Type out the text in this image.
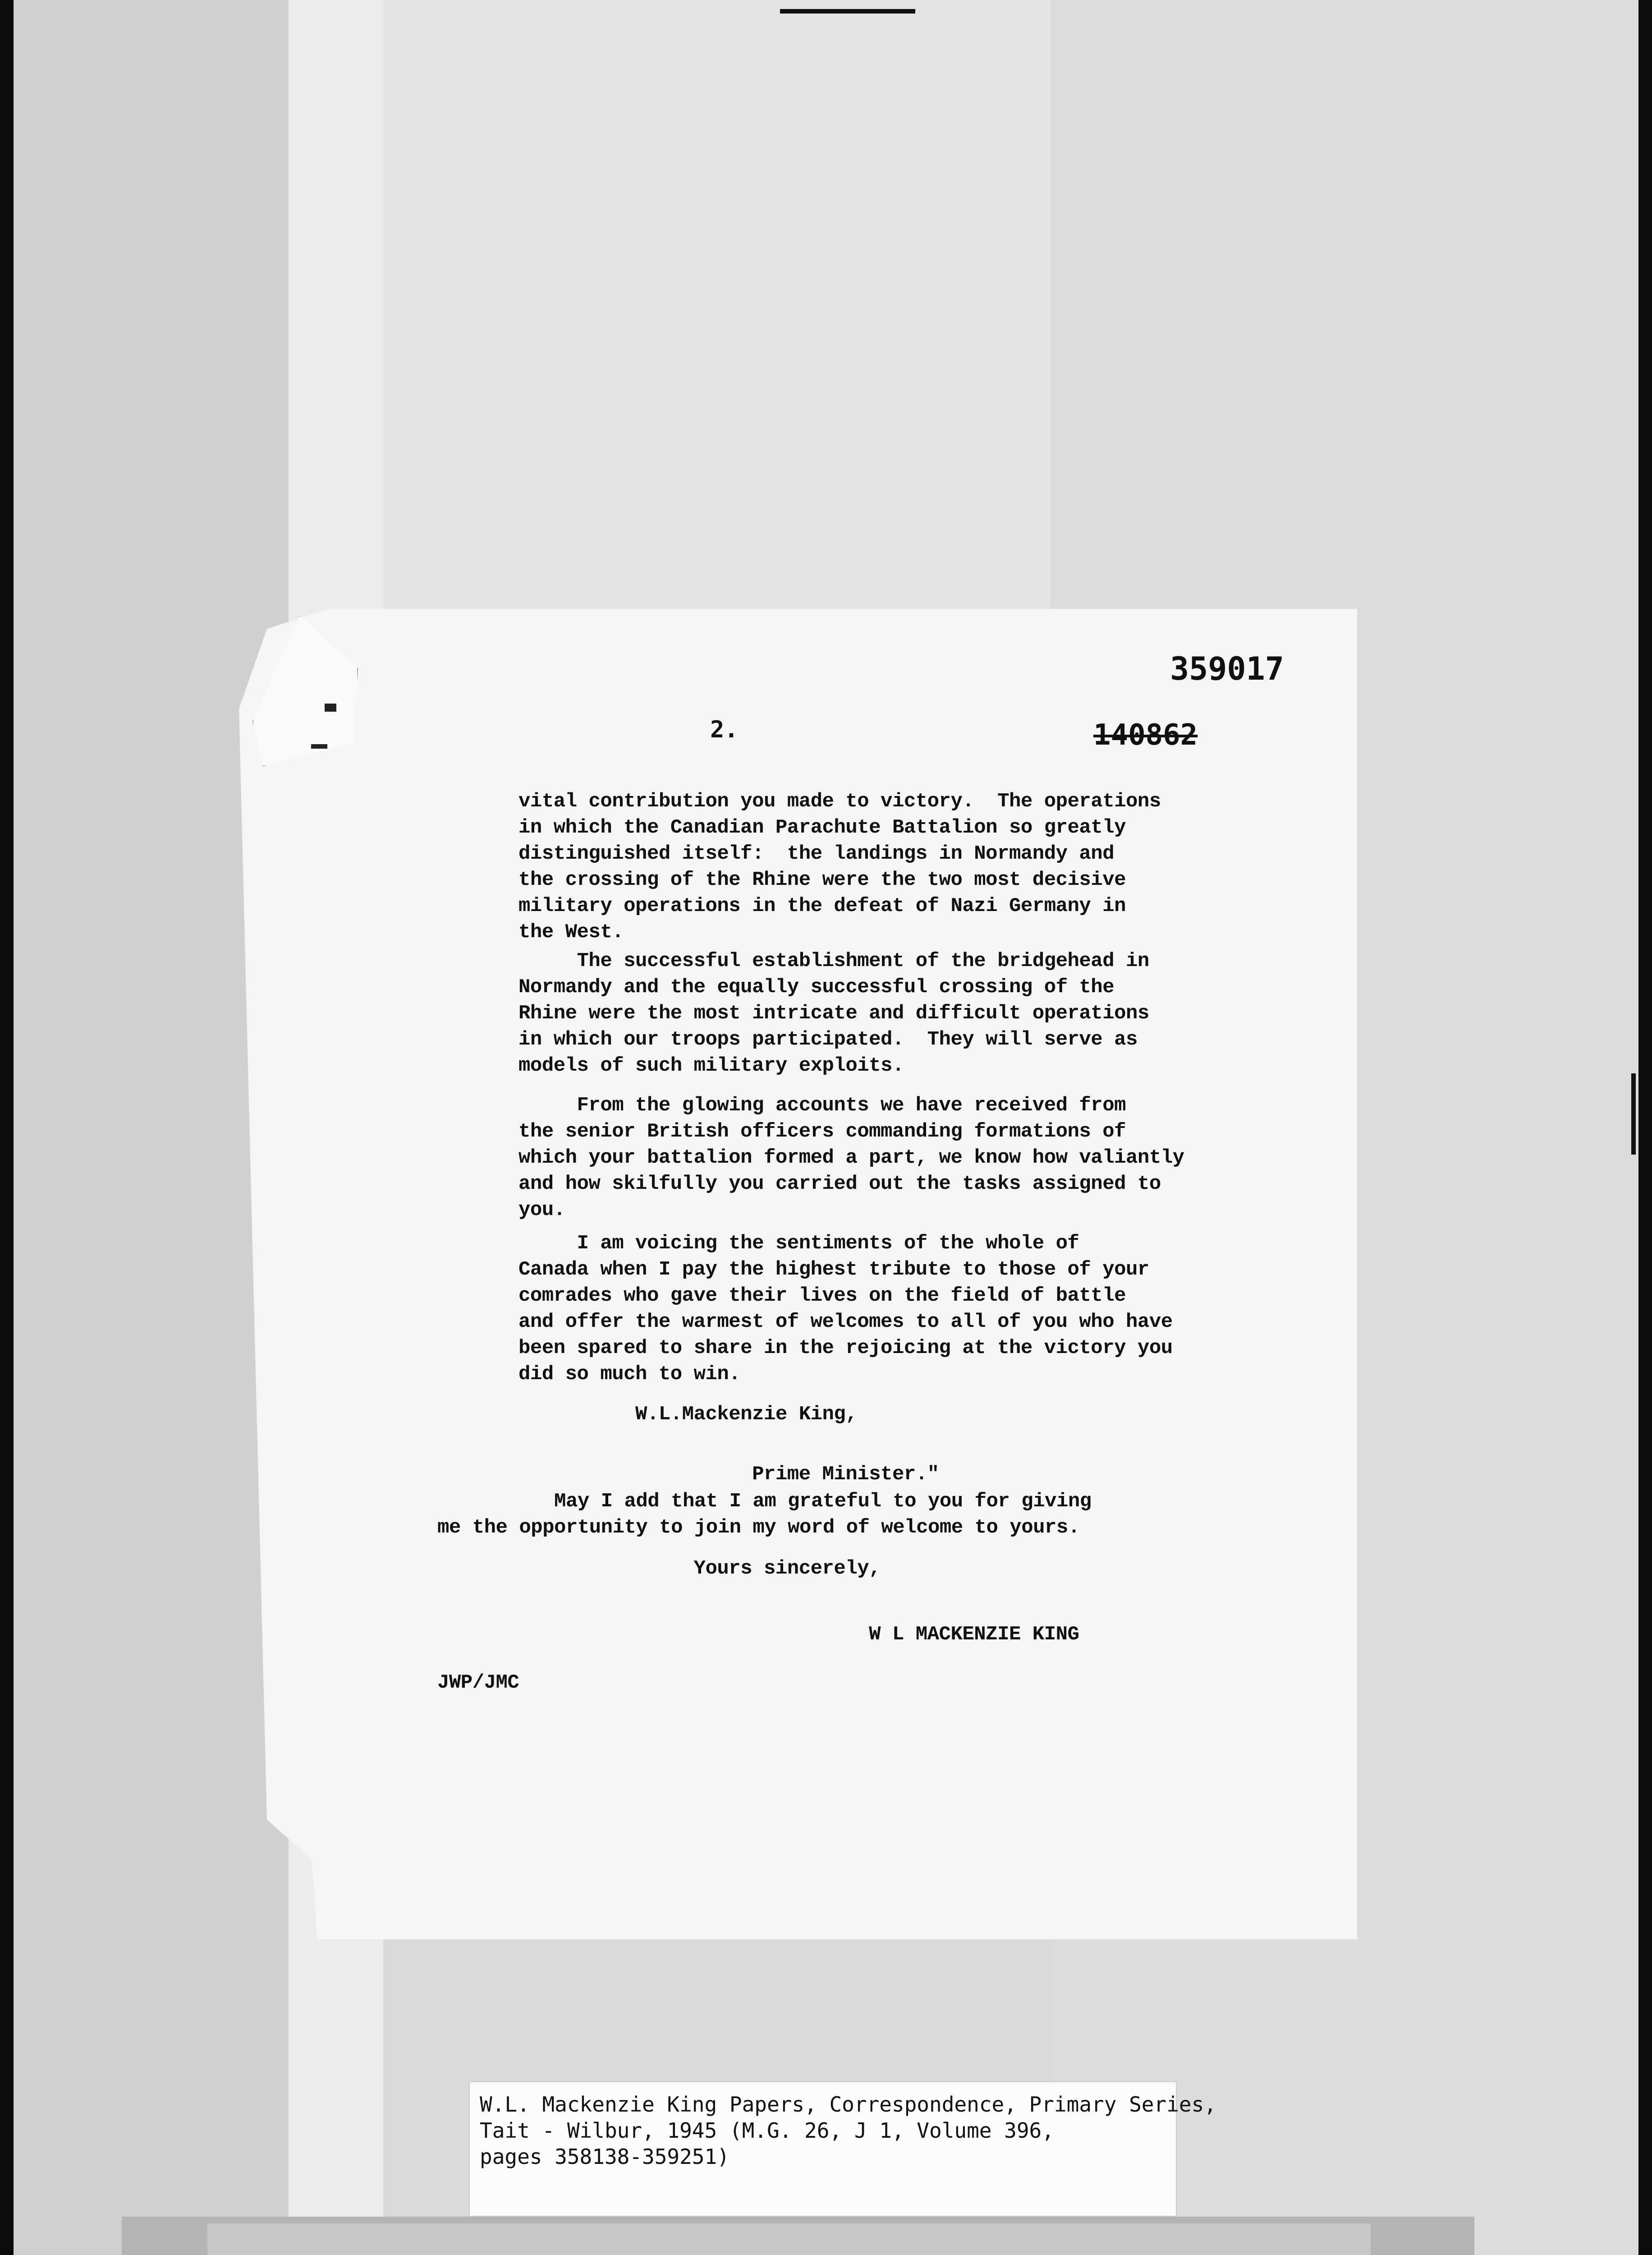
359017
2.	140862
vital contribution you made to victory.  The operations
in which the Canadian Parachute Battalion so greatly
distinguished itself:  the landings in Normandy and
the crossing of the Rhine were the two most decisive
military operations in the defeat of Nazi Germany in
the West.
The successful establishment of the bridgehead in
Normandy and the equally successful crossing of the
Rhine were the most intricate and difficult operations
in which our troops participated.  They will serve as
models of such military exploits.
From the glowing accounts we have received from
the senior British officers commanding formations of
which your battalion formed a part, we know how valiantly
and how skilfully you carried out the tasks assigned to
you.
I am voicing the sentiments of the whole of
Canada when I pay the highest tribute to those of your
comrades who gave their lives on the field of battle
and offer the warmest of welcomes to all of you who have
been spared to share in the rejoicing at the victory you
did so much to win.
W.L.Mackenzie King,
Prime Minister."
May I add that I am grateful to you for giving
me the opportunity to join my word of welcome to yours.
Yours sincerely,
W L MACKENZIE KING
JWP/JMC
W.L. Mackenzie King Papers, Correspondence, Primary Series,
Tait - Wilbur, 1945 (M.G. 26, J 1, Volume 396,
pages 358138-359251)
